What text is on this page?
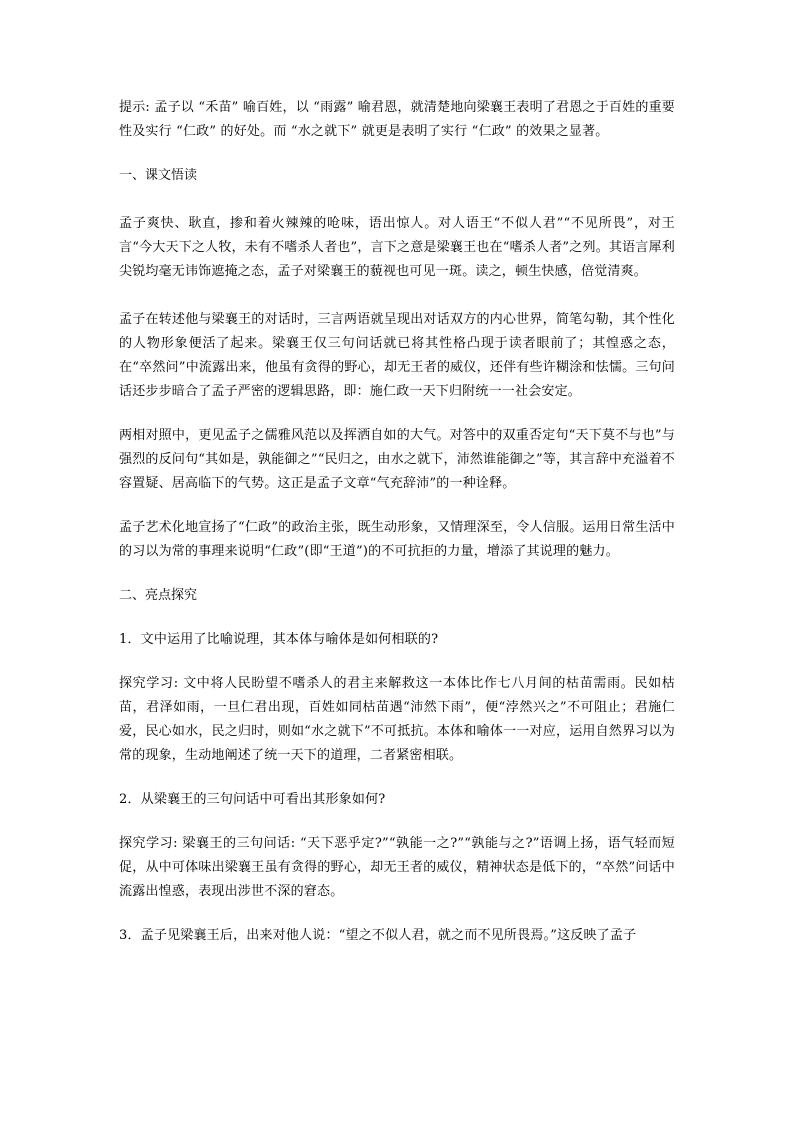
提示: 孟子以 “禾苗” 喻百姓，以 “雨露” 喻君恩，就清楚地向梁襄王表明了君恩之于百姓的重要性及实行 “仁政” 的好处。而 “水之就下” 就更是表明了实行 “仁政” 的效果之显著。

一、课文悟读

孟子爽快、耿直，掺和着火辣辣的呛味，语出惊人。对人语王“不似人君”“不见所畏”，对王言“今大天下之人牧，未有不嗜杀人者也”，言下之意是梁襄王也在“嗜杀人者”之列。其语言犀利尖锐均毫无讳饰遮掩之态，孟子对梁襄王的藐视也可见一斑。读之，顿生快感，倍觉清爽。

孟子在转述他与梁襄王的对话时，三言两语就呈现出对话双方的内心世界，简笔勾勒，其个性化的人物形象便活了起来。梁襄王仅三句问话就已将其性格凸现于读者眼前了；其惶惑之态，在“卒然问”中流露出来，他虽有贪得的野心，却无王者的威仪，还伴有些许糊涂和怯懦。三句问话还步步暗合了孟子严密的逻辑思路，即：施仁政一天下归附统一一社会安定。

两相对照中，更见孟子之儒雅风范以及挥洒自如的大气。对答中的双重否定句“天下莫不与也”与强烈的反问句“其如是，孰能御之”“民归之，由水之就下，沛然谁能御之”等，其言辞中充溢着不容置疑、居高临下的气势。这正是孟子文章“气充辞沛”的一种诠释。

孟子艺术化地宣扬了“仁政”的政治主张，既生动形象，又情理深至，令人信服。运用日常生活中的习以为常的事理来说明“仁政”(即“王道”)的不可抗拒的力量，增添了其说理的魅力。

二、亮点探究

1．文中运用了比喻说理，其本体与喻体是如何相联的?

探究学习: 文中将人民盼望不嗜杀人的君主来解救这一本体比作七八月间的枯苗需雨。民如枯苗，君泽如雨，一旦仁君出现，百姓如同枯苗遇“沛然下雨”，便“浡然兴之”不可阻止；君施仁爱，民心如水，民之归时，则如“水之就下”不可抵抗。本体和喻体一一对应，运用自然界习以为常的现象，生动地阐述了统一天下的道理，二者紧密相联。

2．从梁襄王的三句问话中可看出其形象如何?

探究学习: 梁襄王的三句问话: “天下恶乎定?”“孰能一之?”“孰能与之?”语调上扬，语气轻而短促，从中可体味出梁襄王虽有贪得的野心，却无王者的威仪，精神状态是低下的，“卒然”问话中流露出惶惑，表现出涉世不深的窘态。

3．孟子见梁襄王后，出来对他人说：“望之不似人君，就之而不见所畏焉。”这反映了孟子
